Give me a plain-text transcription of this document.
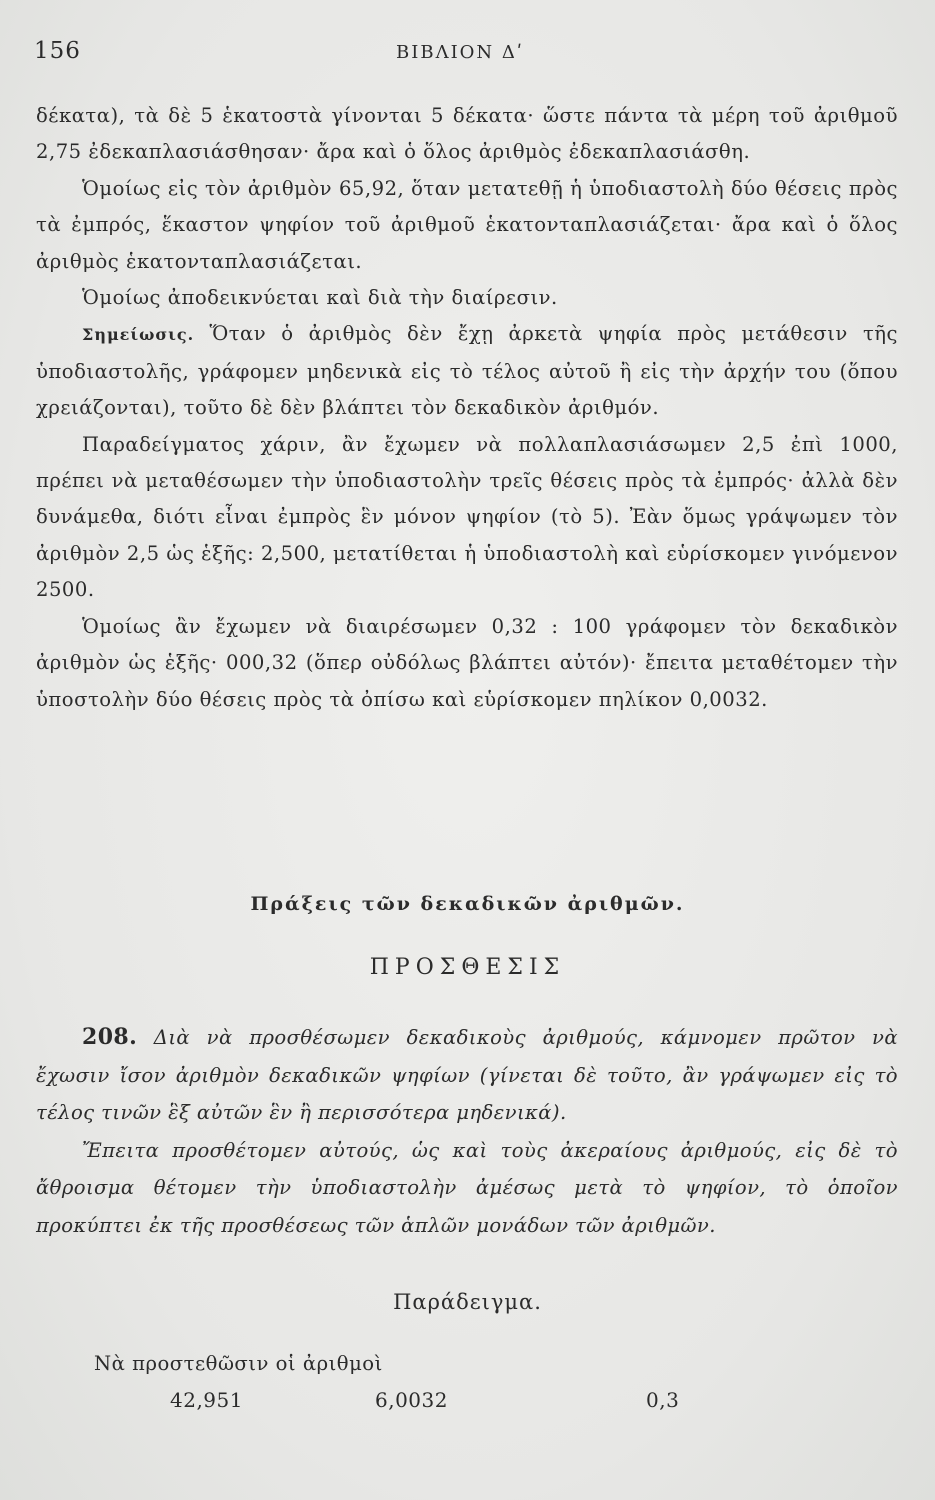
156	ΒΙΒΛΙΟΝ Δʹ

δέκατα), τὰ δὲ 5 ἑκατοστὰ γίνονται 5 δέκατα· ὥστε πάντα τὰ μέρη τοῦ ἀριθμοῦ 2,75 ἐδεκαπλασιάσθησαν· ἄρα καὶ ὁ ὅλος ἀριθμὸς ἐδεκαπλασιάσθη.

Ὁμοίως εἰς τὸν ἀριθμὸν 65,92, ὅταν μετατεθῇ ἡ ὑποδιαστολὴ δύο θέσεις πρὸς τὰ ἐμπρός, ἕκαστον ψηφίον τοῦ ἀριθμοῦ ἑκατονταπλασιάζεται· ἄρα καὶ ὁ ὅλος ἀριθμὸς ἑκατονταπλασιάζεται.

Ὁμοίως ἀποδεικνύεται καὶ διὰ τὴν διαίρεσιν.

Σημείωσις. Ὅταν ὁ ἀριθμὸς δὲν ἔχῃ ἀρκετὰ ψηφία πρὸς μετάθεσιν τῆς ὑποδιαστολῆς, γράφομεν μηδενικὰ εἰς τὸ τέλος αὐτοῦ ἢ εἰς τὴν ἀρχήν του (ὅπου χρειάζονται), τοῦτο δὲ δὲν βλάπτει τὸν δεκαδικὸν ἀριθμόν.

Παραδείγματος χάριν, ἂν ἔχωμεν νὰ πολλαπλασιάσωμεν 2,5 ἐπὶ 1000, πρέπει νὰ μεταθέσωμεν τὴν ὑποδιαστολὴν τρεῖς θέσεις πρὸς τὰ ἐμπρός· ἀλλὰ δὲν δυνάμεθα, διότι εἶναι ἐμπρὸς ἓν μόνον ψηφίον (τὸ 5). Ἐὰν ὅμως γράψωμεν τὸν ἀριθμὸν 2,5 ὡς ἑξῆς: 2,500, μετατίθεται ἡ ὑποδιαστολὴ καὶ εὑρίσκομεν γινόμενον 2500.

Ὁμοίως ἂν ἔχωμεν νὰ διαιρέσωμεν 0,32 : 100 γράφομεν τὸν δεκαδικὸν ἀριθμὸν ὡς ἑξῆς· 000,32 (ὅπερ οὐδόλως βλάπτει αὐτόν)· ἔπειτα μεταθέτομεν τὴν ὑποστολὴν δύο θέσεις πρὸς τὰ ὀπίσω καὶ εὑρίσκομεν πηλίκον 0,0032.

Πράξεις τῶν δεκαδικῶν ἀριθμῶν.
ΠΡΟΣΘΕΣΙΣ

208. Διὰ νὰ προσθέσωμεν δεκαδικοὺς ἀριθμούς, κάμνομεν πρῶτον νὰ ἔχωσιν ἴσον ἀριθμὸν δεκαδικῶν ψηφίων (γίνεται δὲ τοῦτο, ἂν γράψωμεν εἰς τὸ τέλος τινῶν ἓξ αὐτῶν ἓν ἢ περισσότερα μηδενικά).

Ἔπειτα προσθέτομεν αὐτούς, ὡς καὶ τοὺς ἀκεραίους ἀριθμούς, εἰς δὲ τὸ ἄθροισμα θέτομεν τὴν ὑποδιαστολὴν ἀμέσως μετὰ τὸ ψηφίον, τὸ ὁποῖον προκύπτει ἐκ τῆς προσθέσεως τῶν ἁπλῶν μονάδων τῶν ἀριθμῶν.

Παράδειγμα.
Νὰ προστεθῶσιν οἱ ἀριθμοὶ
42,951	6,0032	0,3
